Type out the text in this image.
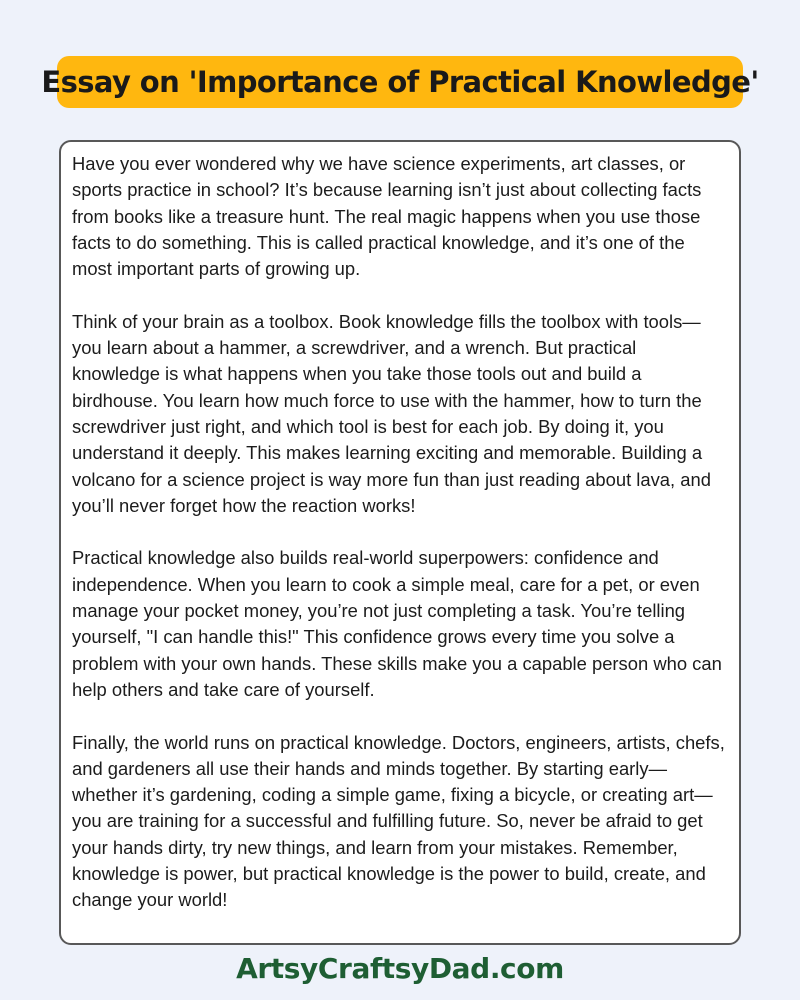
Essay on 'Importance of Practical Knowledge'

Have you ever wondered why we have science experiments, art classes, or sports practice in school? It’s because learning isn’t just about collecting facts from books like a treasure hunt. The real magic happens when you use those facts to do something. This is called practical knowledge, and it’s one of the most important parts of growing up.

Think of your brain as a toolbox. Book knowledge fills the toolbox with tools—you learn about a hammer, a screwdriver, and a wrench. But practical knowledge is what happens when you take those tools out and build a birdhouse. You learn how much force to use with the hammer, how to turn the screwdriver just right, and which tool is best for each job. By doing it, you understand it deeply. This makes learning exciting and memorable. Building a volcano for a science project is way more fun than just reading about lava, and you’ll never forget how the reaction works!

Practical knowledge also builds real-world superpowers: confidence and independence. When you learn to cook a simple meal, care for a pet, or even manage your pocket money, you’re not just completing a task. You’re telling yourself, "I can handle this!" This confidence grows every time you solve a problem with your own hands. These skills make you a capable person who can help others and take care of yourself.

Finally, the world runs on practical knowledge. Doctors, engineers, artists, chefs, and gardeners all use their hands and minds together. By starting early—whether it’s gardening, coding a simple game, fixing a bicycle, or creating art—you are training for a successful and fulfilling future. So, never be afraid to get your hands dirty, try new things, and learn from your mistakes. Remember, knowledge is power, but practical knowledge is the power to build, create, and change your world!

ArtsyCraftsyDad.com
